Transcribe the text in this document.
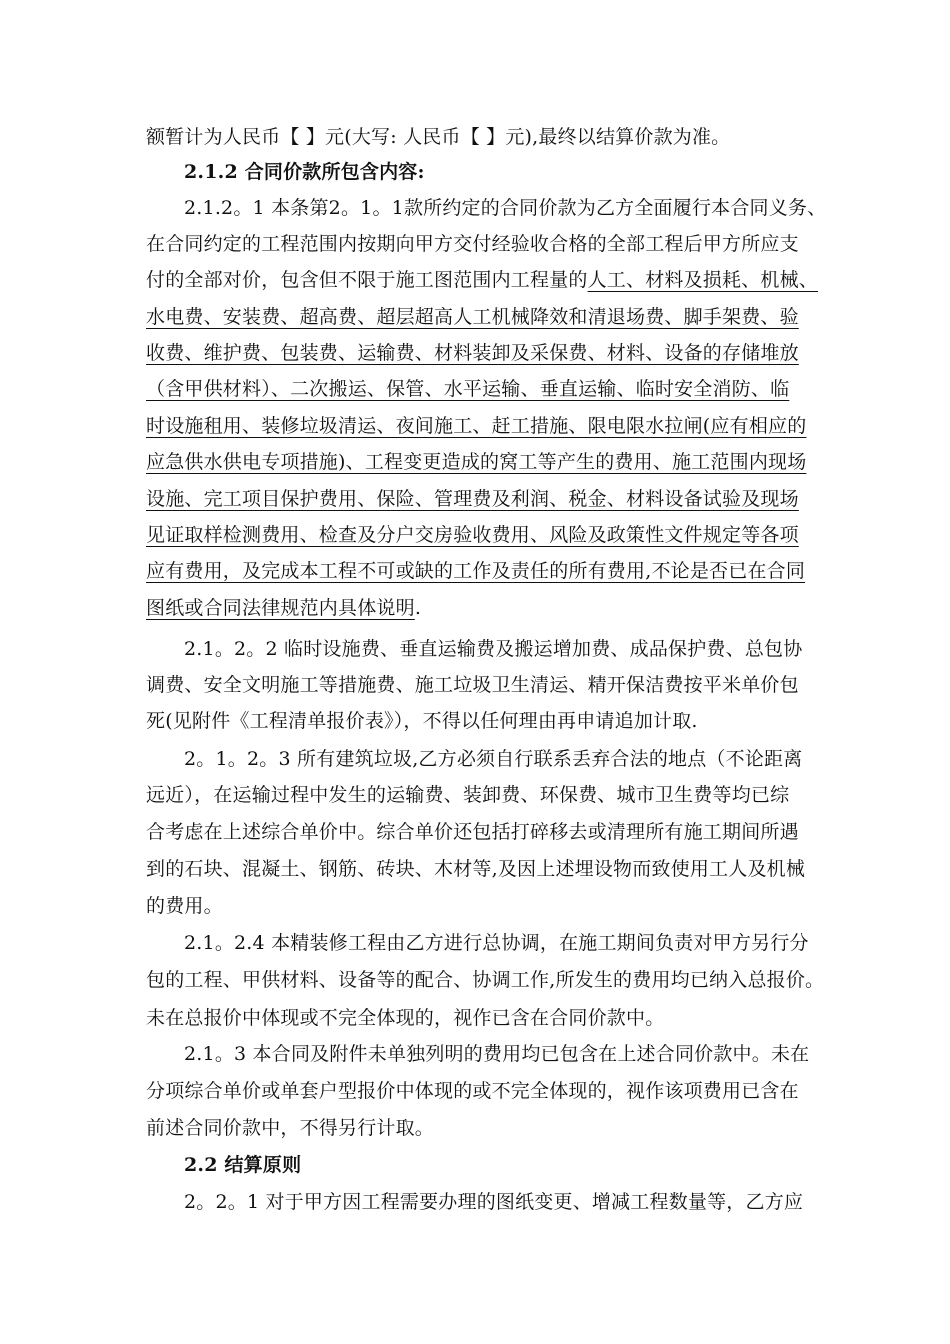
额暂计为人民币【 】元(大写: 人民币【 】元),最终以结算价款为准。
2.1.2 合同价款所包含内容:
2.1.2。1 本条第2。1。1款所约定的合同价款为乙方全面履行本合同义务、
在合同约定的工程范围内按期向甲方交付经验收合格的全部工程后甲方所应支
付的全部对价，包含但不限于施工图范围内工程量的人工、材料及损耗、机械、
水电费、安装费、超高费、超层超高人工机械降效和清退场费、脚手架费、验
收费、维护费、包装费、运输费、材料装卸及采保费、材料、设备的存储堆放
（含甲供材料）、二次搬运、保管、水平运输、垂直运输、临时安全消防、临
时设施租用、装修垃圾清运、夜间施工、赶工措施、限电限水拉闸(应有相应的
应急供水供电专项措施)、工程变更造成的窝工等产生的费用、施工范围内现场
设施、完工项目保护费用、保险、管理费及利润、税金、材料设备试验及现场
见证取样检测费用、检查及分户交房验收费用、风险及政策性文件规定等各项
应有费用，及完成本工程不可或缺的工作及责任的所有费用,不论是否已在合同
图纸或合同法律规范内具体说明.
2.1。2。2 临时设施费、垂直运输费及搬运增加费、成品保护费、总包协
调费、安全文明施工等措施费、施工垃圾卫生清运、精开保洁费按平米单价包
死(见附件《工程清单报价表》），不得以任何理由再申请追加计取.
2。1。2。3 所有建筑垃圾,乙方必须自行联系丢弃合法的地点（不论距离
远近），在运输过程中发生的运输费、装卸费、环保费、城市卫生费等均已综
合考虑在上述综合单价中。综合单价还包括打碎移去或清理所有施工期间所遇
到的石块、混凝土、钢筋、砖块、木材等,及因上述埋设物而致使用工人及机械
的费用。
2.1。2.4 本精装修工程由乙方进行总协调，在施工期间负责对甲方另行分
包的工程、甲供材料、设备等的配合、协调工作,所发生的费用均已纳入总报价。
未在总报价中体现或不完全体现的，视作已含在合同价款中。
2.1。3 本合同及附件未单独列明的费用均已包含在上述合同价款中。未在
分项综合单价或单套户型报价中体现的或不完全体现的，视作该项费用已含在
前述合同价款中，不得另行计取。
2.2 结算原则
2。2。1 对于甲方因工程需要办理的图纸变更、增减工程数量等，乙方应
